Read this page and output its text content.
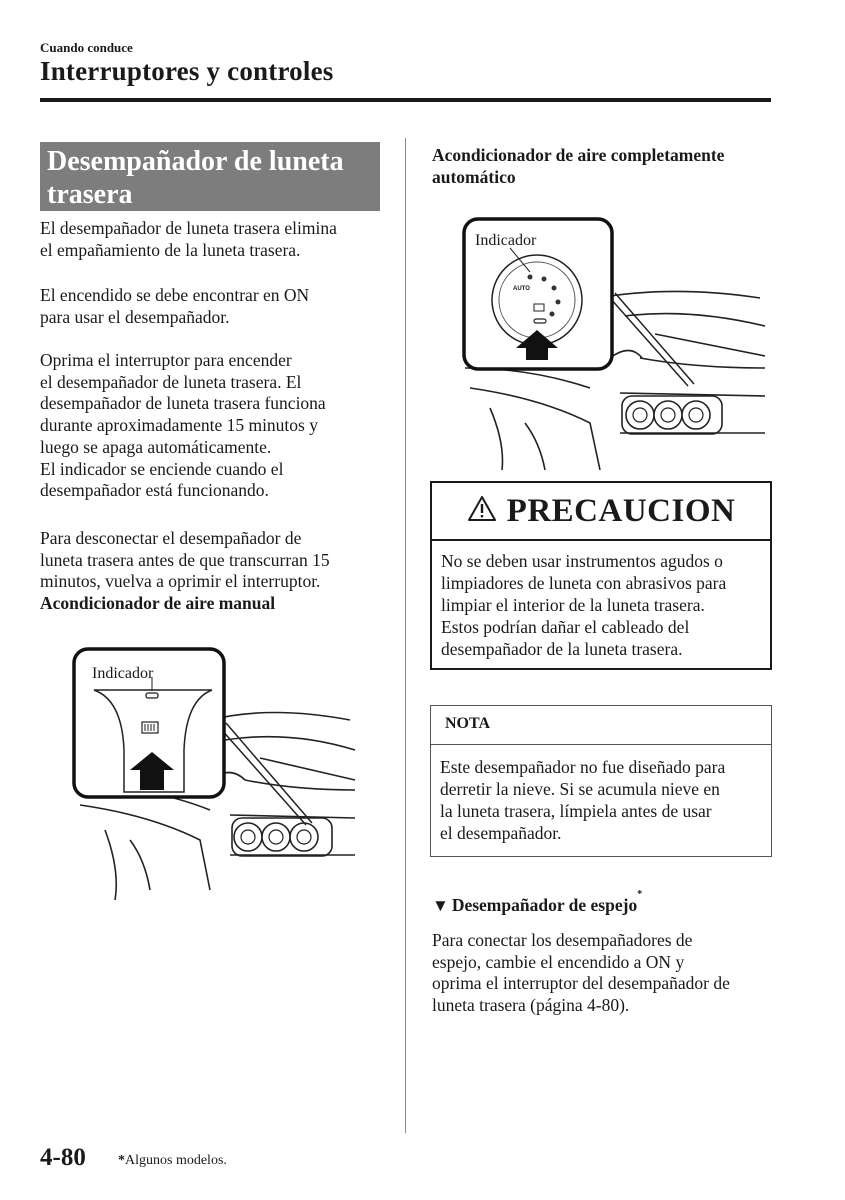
Cuando conduce
Interruptores y controles
Desempañador de luneta
trasera

El desempañador de luneta trasera elimina

el empañamiento de la luneta trasera.

El encendido se debe encontrar en ON

para usar el desempañador.

Oprima el interruptor para encender

el desempañador de luneta trasera. El

desempañador de luneta trasera funciona

durante aproximadamente 15 minutos y

luego se apaga automáticamente.

El indicador se enciende cuando el

desempañador está funcionando.

Para desconectar el desempañador de

luneta trasera antes de que transcurran 15

minutos, vuelva a oprimir el interruptor.

Acondicionador de aire manual

Indicador
Acondicionador de aire completamente
automático
AUTO
Indicador
PRECAUCION
No se deben usar instrumentos agudos o
limpiadores de luneta con abrasivos para
limpiar el interior de la luneta trasera.
Estos podrían dañar el cableado del
desempañador de la luneta trasera.
NOTA
Este desempañador no fue diseñado para
derretir la nieve. Si se acumula nieve en
la luneta trasera, límpiela antes de usar
el desempañador.
▼ Desempañador de espejo
*

Para conectar los desempañadores de

espejo, cambie el encendido a ON y

oprima el interruptor del desempañador de

luneta trasera (página 4-80).

4-80 *Algunos modelos.
